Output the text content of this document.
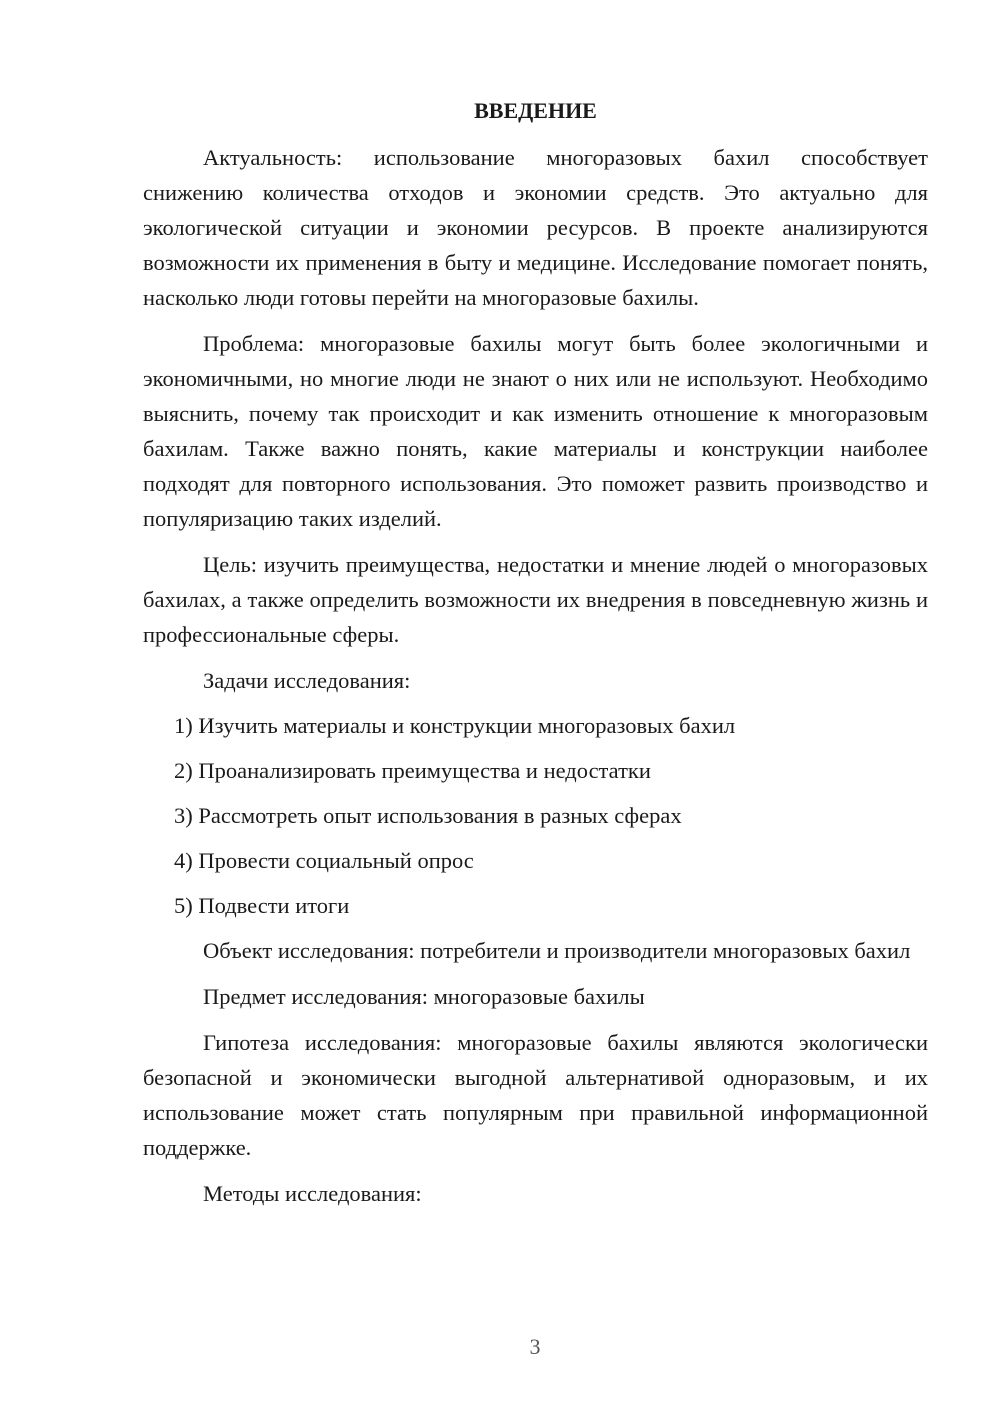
ВВЕДЕНИЕ

Актуальность: использование многоразовых бахил способствует снижению количества отходов и экономии средств. Это актуально для экологической ситуации и экономии ресурсов. В проекте анализируются возможности их применения в быту и медицине. Исследование помогает понять, насколько люди готовы перейти на многоразовые бахилы.

Проблема: многоразовые бахилы могут быть более экологичными и экономичными, но многие люди не знают о них или не используют. Необходимо выяснить, почему так происходит и как изменить отношение к многоразовым бахилам. Также важно понять, какие материалы и конструкции наиболее подходят для повторного использования. Это поможет развить производство и популяризацию таких изделий.

Цель: изучить преимущества, недостатки и мнение людей о многоразовых бахилах, а также определить возможности их внедрения в повседневную жизнь и профессиональные сферы.

Задачи исследования:

1) Изучить материалы и конструкции многоразовых бахил

2) Проанализировать преимущества и недостатки

3) Рассмотреть опыт использования в разных сферах

4) Провести социальный опрос

5) Подвести итоги

Объект исследования: потребители и производители многоразовых бахил

Предмет исследования: многоразовые бахилы

Гипотеза исследования: многоразовые бахилы являются экологически безопасной и экономически выгодной альтернативой одноразовым, и их использование может стать популярным при правильной информационной поддержке.

Методы исследования:

3
